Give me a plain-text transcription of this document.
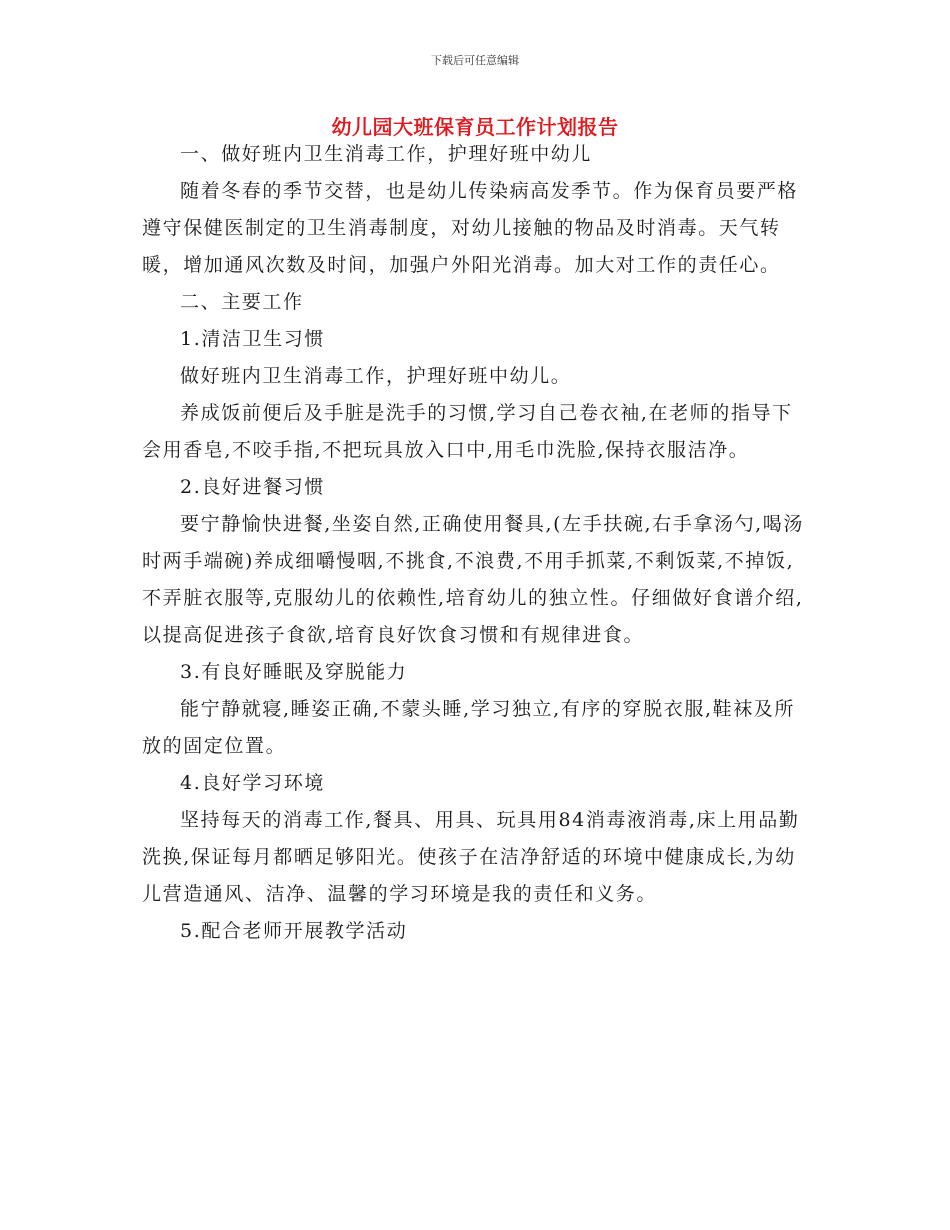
下载后可任意编辑
幼儿园大班保育员工作计划报告

一、做好班内卫生消毒工作，护理好班中幼儿

随着冬春的季节交替，也是幼儿传染病高发季节。作为保育员要严格遵守保健医制定的卫生消毒制度，对幼儿接触的物品及时消毒。天气转暖，增加通风次数及时间，加强户外阳光消毒。加大对工作的责任心。

二、主要工作

1.清洁卫生习惯

做好班内卫生消毒工作，护理好班中幼儿。

养成饭前便后及手脏是洗手的习惯,学习自己卷衣袖,在老师的指导下会用香皂,不咬手指,不把玩具放入口中,用毛巾洗脸,保持衣服洁净。

2.良好进餐习惯

要宁静愉快进餐,坐姿自然,正确使用餐具,(左手扶碗,右手拿汤勺,喝汤时两手端碗)养成细嚼慢咽,不挑食,不浪费,不用手抓菜,不剩饭菜,不掉饭,不弄脏衣服等,克服幼儿的依赖性,培育幼儿的独立性。仔细做好食谱介绍,以提高促进孩子食欲,培育良好饮食习惯和有规律进食。

3.有良好睡眠及穿脱能力

能宁静就寝,睡姿正确,不蒙头睡,学习独立,有序的穿脱衣服,鞋袜及所放的固定位置。

4.良好学习环境

坚持每天的消毒工作,餐具、用具、玩具用84消毒液消毒,床上用品勤洗换,保证每月都晒足够阳光。使孩子在洁净舒适的环境中健康成长,为幼儿营造通风、洁净、温馨的学习环境是我的责任和义务。

5.配合老师开展教学活动
